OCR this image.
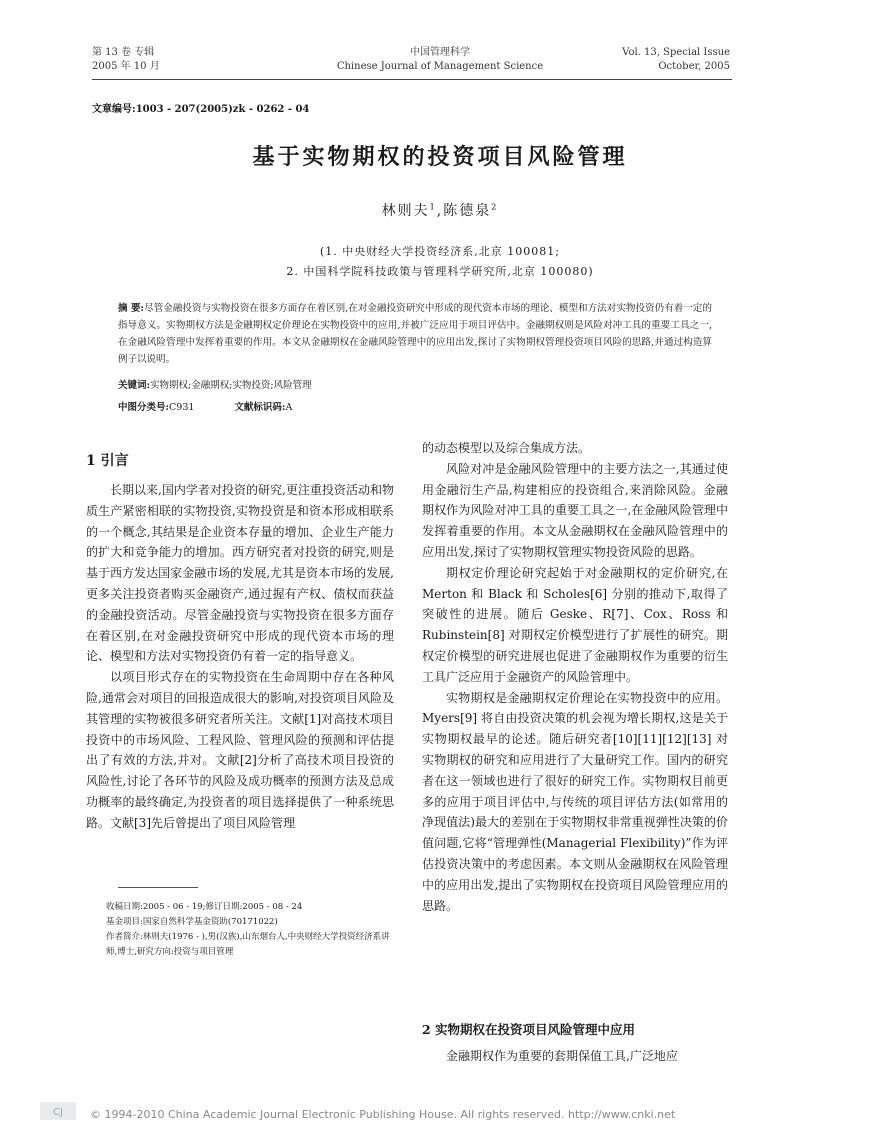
第 13 卷 专辑
2005 年 10 月
中国管理科学
Chinese Journal of Management Science
Vol. 13, Special Issue
October, 2005
文章编号:1003 - 207(2005)zk - 0262 - 04
基于实物期权的投资项目风险管理
林则夫$^1$,陈德泉$^2$
(1. 中央财经大学投资经济系,北京 100081;
2. 中国科学院科技政策与管理科学研究所,北京 100080)
摘 要:尽管金融投资与实物投资在很多方面存在着区别,在对金融投资研究中形成的现代资本市场的理论、模型和方法对实物投资仍有着一定的指导意义。实物期权方法是金融期权定价理论在实物投资中的应用,并被广泛应用于项目评估中。金融期权则是风险对冲工具的重要工具之一,在金融风险管理中发挥着重要的作用。本文从金融期权在金融风险管理中的应用出发,探讨了实物期权管理投资项目风险的思路,并通过构造算例子以说明。
关键词:实物期权;金融期权;实物投资;风险管理
中图分类号:C931	文献标识码:A
1 引言

长期以来,国内学者对投资的研究,更注重投资活动和物质生产紧密相联的实物投资,实物投资是和资本形成相联系的一个概念,其结果是企业资本存量的增加、企业生产能力的扩大和竞争能力的增加。西方研究者对投资的研究,则是基于西方发达国家金融市场的发展,尤其是资本市场的发展,更多关注投资者购买金融资产,通过握有产权、债权而获益的金融投资活动。尽管金融投资与实物投资在很多方面存在着区别,在对金融投资研究中形成的现代资本市场的理论、模型和方法对实物投资仍有着一定的指导意义。

以项目形式存在的实物投资在生命周期中存在各种风险,通常会对项目的回报造成很大的影响,对投资项目风险及其管理的实物被很多研究者所关注。文献[1]对高技术项目投资中的市场风险、工程风险、管理风险的预测和评估提出了有效的方法,并对。文献[2]分析了高技术项目投资的风险性,讨论了各环节的风险及成功概率的预测方法及总成功概率的最终确定,为投资者的项目选择提供了一种系统思路。文献[3]先后曾提出了项目风险管理

的动态模型以及综合集成方法。

风险对冲是金融风险管理中的主要方法之一,其通过使用金融衍生产品,构建相应的投资组合,来消除风险。金融期权作为风险对冲工具的重要工具之一,在金融风险管理中发挥着重要的作用。本文从金融期权在金融风险管理中的应用出发,探讨了实物期权管理实物投资风险的思路。

期权定价理论研究起始于对金融期权的定价研究,在 Merton 和 Black 和 Scholes[6] 分别的推动下,取得了突破性的进展。随后 Geske、R[7]、Cox、Ross 和 Rubinstein[8] 对期权定价模型进行了扩展性的研究。期权定价模型的研究进展也促进了金融期权作为重要的衍生工具广泛应用于金融资产的风险管理中。

实物期权是金融期权定价理论在实物投资中的应用。Myers[9] 将自由投资决策的机会视为增长期权,这是关于实物期权最早的论述。随后研究者[10][11][12][13] 对实物期权的研究和应用进行了大量研究工作。国内的研究者在这一领域也进行了很好的研究工作。实物期权目前更多的应用于项目评估中,与传统的项目评估方法(如常用的净现值法)最大的差别在于实物期权非常重视弹性决策的价值问题,它将“管理弹性(Managerial Flexibility)”作为评估投资决策中的考虑因素。本文则从金融期权在风险管理中的应用出发,提出了实物期权在投资项目风险管理应用的思路。

收稿日期:2005 - 06 - 19;修订日期:2005 - 08 - 24

基金项目:国家自然科学基金资助(70171022)

作者简介:林则夫(1976 - ),男(汉族),山东烟台人,中央财经大学投资经济系讲师,博士,研究方向:投资与项目管理

2 实物期权在投资项目风险管理中应用

金融期权作为重要的套期保值工具,广泛地应

CJ © 1994-2010 China Academic Journal Electronic Publishing House. All rights reserved. http://www.cnki.net
